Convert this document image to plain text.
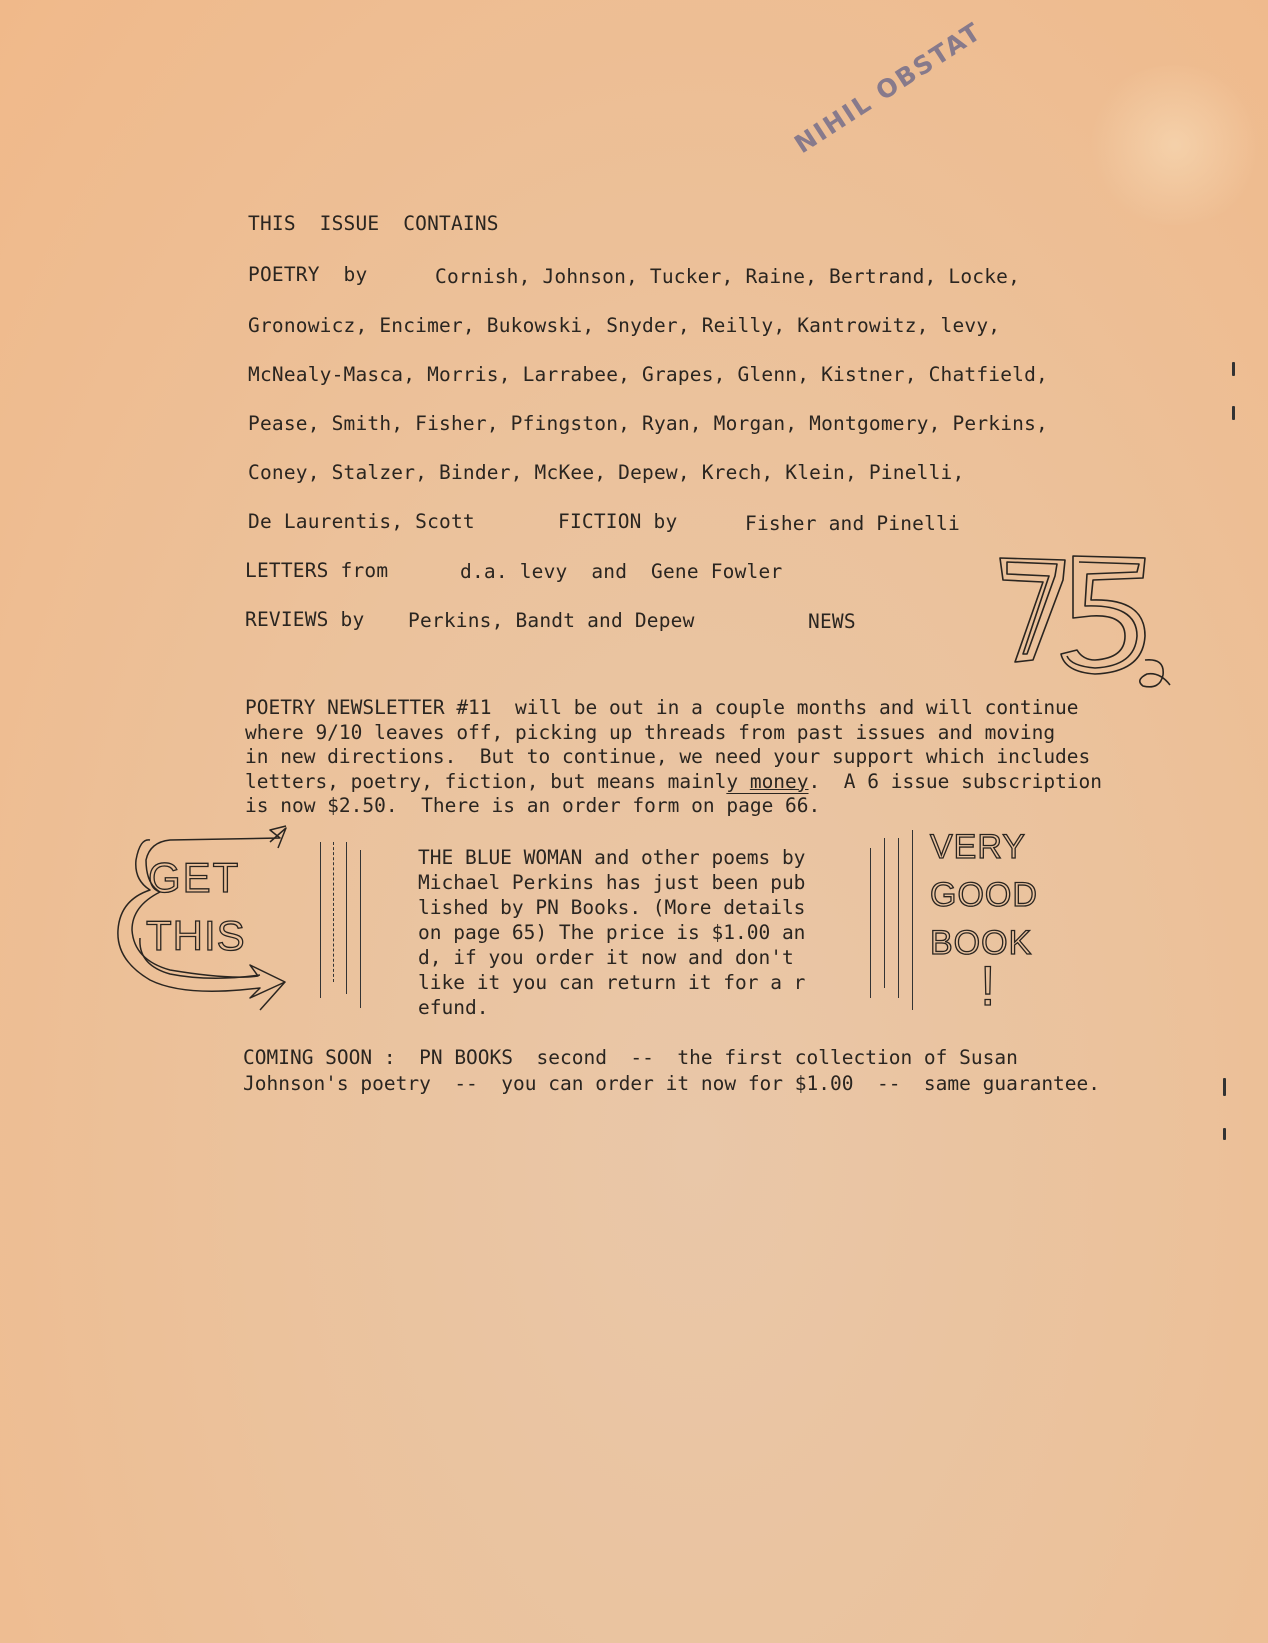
NIHIL OBSTAT
THIS  ISSUE  CONTAINS
POETRY  by	Cornish, Johnson, Tucker, Raine, Bertrand, Locke,
Gronowicz, Encimer, Bukowski, Snyder, Reilly, Kantrowitz, levy,
McNealy-Masca, Morris, Larrabee, Grapes, Glenn, Kistner, Chatfield,
Pease, Smith, Fisher, Pfingston, Ryan, Morgan, Montgomery, Perkins,
Coney, Stalzer, Binder, McKee, Depew, Krech, Klein, Pinelli,
De Laurentis, Scott	FICTION by	Fisher and Pinelli
LETTERS from	d.a. levy  and  Gene Fowler
REVIEWS by Perkins, Bandt and Depew	NEWS
75¢
POETRY NEWSLETTER #11  will be out in a couple months and will continue
where 9/10 leaves off, picking up threads from past issues and moving
in new directions.  But to continue, we need your support which includes
letters, poetry, fiction, but means mainly money.  A 6 issue subscription
is now $2.50.  There is an order form on page 66.
GET
THIS
THE BLUE WOMAN and other poems by
Michael Perkins has just been pub
lished by PN Books. (More details
on page 65) The price is $1.00 an
d, if you order it now and don't
like it you can return it for a r
efund.
VERY
GOOD
BOOK
!
COMING SOON :  PN BOOKS  second  --  the first collection of Susan
Johnson's poetry  --  you can order it now for $1.00  --  same guarantee.
